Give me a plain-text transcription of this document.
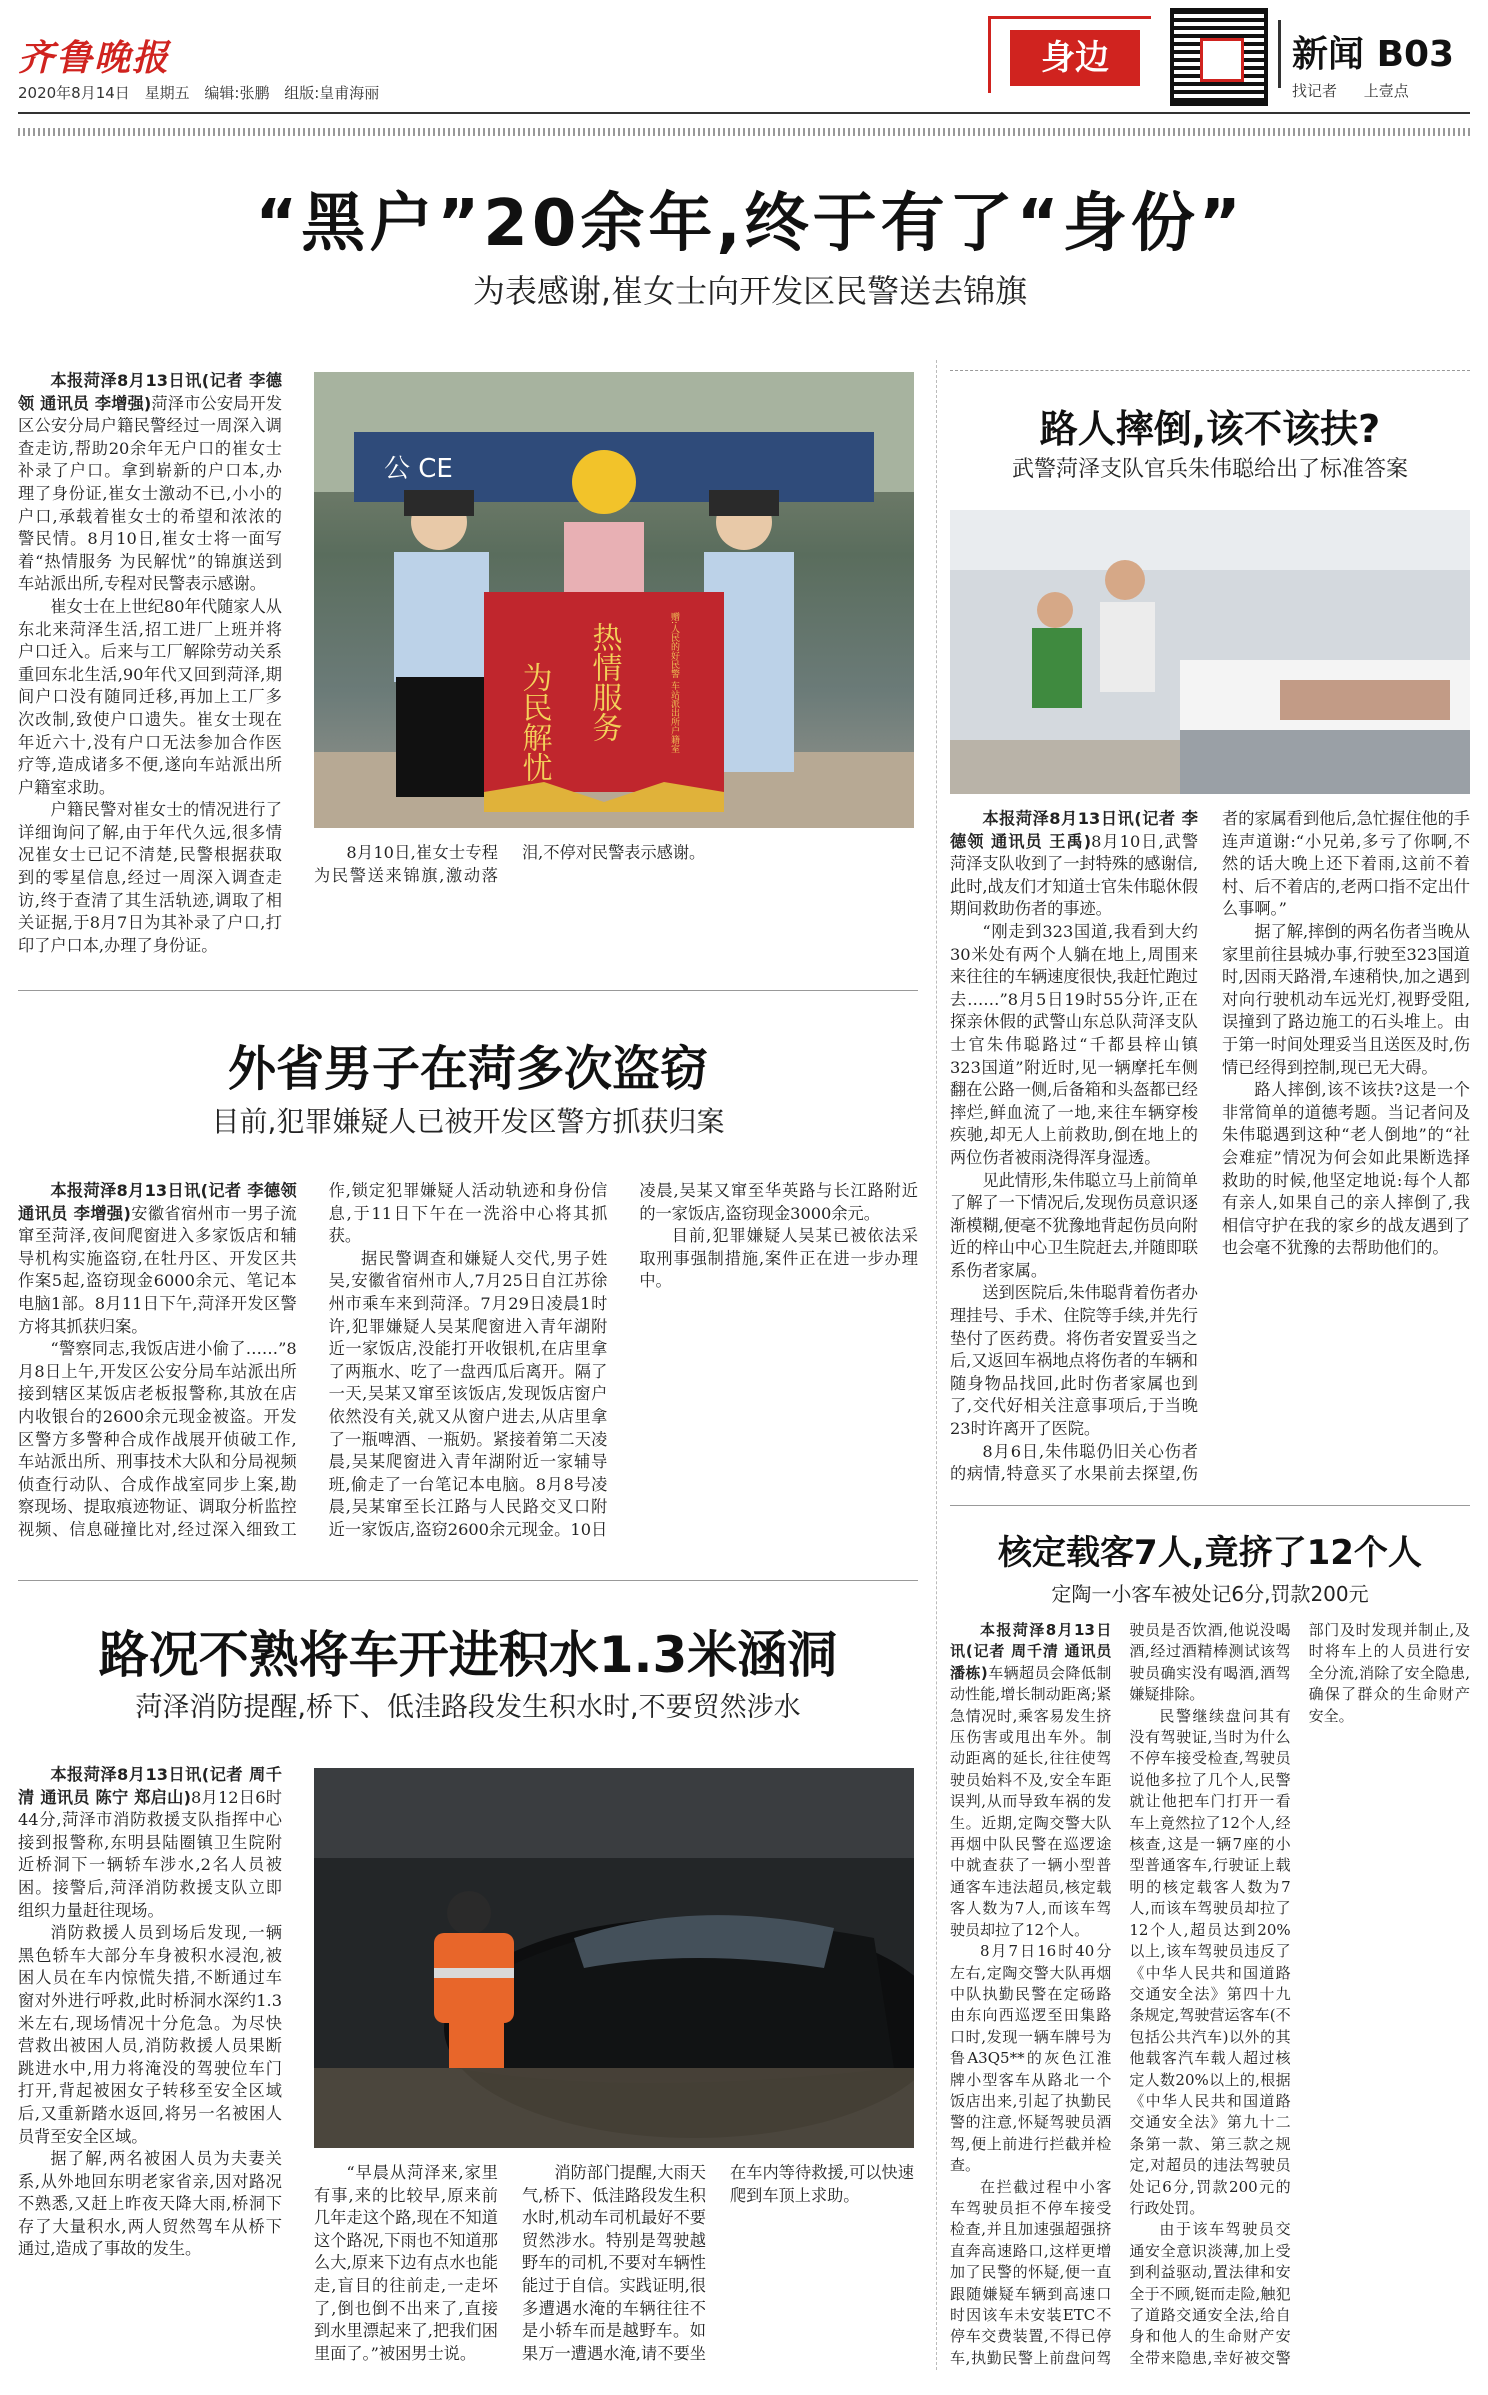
齐鲁晚报
2020年8月14日 星期五 编辑:张鹏 组版:皇甫海丽
身边	新闻 B03
找记者 上壹点
“黑户”20余年,终于有了“身份”
为表感谢,崔女士向开发区民警送去锦旗

本报菏泽8月13日讯(记者 李德领 通讯员 李增强)菏泽市公安局开发区公安分局户籍民警经过一周深入调查走访,帮助20余年无户口的崔女士补录了户口。拿到崭新的户口本,办理了身份证,崔女士激动不已,小小的户口,承载着崔女士的希望和浓浓的警民情。8月10日,崔女士将一面写着“热情服务 为民解忧”的锦旗送到车站派出所,专程对民警表示感谢。

崔女士在上世纪80年代随家人从东北来菏泽生活,招工进厂上班并将户口迁入。后来与工厂解除劳动关系重回东北生活,90年代又回到菏泽,期间户口没有随同迁移,再加上工厂多次改制,致使户口遗失。崔女士现在年近六十,没有户口无法参加合作医疗等,造成诸多不便,遂向车站派出所户籍室求助。

户籍民警对崔女士的情况进行了详细询问了解,由于年代久远,很多情况崔女士已记不清楚,民警根据获取到的零星信息,经过一周深入调查走访,终于查清了其生活轨迹,调取了相关证据,于8月7日为其补录了户口,打印了户口本,办理了身份证。

公 CE
为民解忧 热情服务	赠:人民的好民警 车站派出所户籍室

8月10日,崔女士专程为民警送来锦旗,激动落泪,不停对民警表示感谢。

外省男子在菏多次盗窃
目前,犯罪嫌疑人已被开发区警方抓获归案

本报菏泽8月13日讯(记者 李德领 通讯员 李增强)安徽省宿州市一男子流窜至菏泽,夜间爬窗进入多家饭店和辅导机构实施盗窃,在牡丹区、开发区共作案5起,盗窃现金6000余元、笔记本电脑1部。8月11日下午,菏泽开发区警方将其抓获归案。

“警察同志,我饭店进小偷了……”8月8日上午,开发区公安分局车站派出所接到辖区某饭店老板报警称,其放在店内收银台的2600余元现金被盗。开发区警方多警种合成作战展开侦破工作,车站派出所、刑事技术大队和分局视频侦查行动队、合成作战室同步上案,勘察现场、提取痕迹物证、调取分析监控视频、信息碰撞比对,经过深入细致工作,锁定犯罪嫌疑人活动轨迹和身份信息,于11日下午在一洗浴中心将其抓获。

据民警调查和嫌疑人交代,男子姓吴,安徽省宿州市人,7月25日自江苏徐州市乘车来到菏泽。7月29日凌晨1时许,犯罪嫌疑人吴某爬窗进入青年湖附近一家饭店,没能打开收银机,在店里拿了两瓶水、吃了一盘西瓜后离开。隔了一天,吴某又窜至该饭店,发现饭店窗户依然没有关,就又从窗户进去,从店里拿了一瓶啤酒、一瓶奶。紧接着第二天凌晨,吴某爬窗进入青年湖附近一家辅导班,偷走了一台笔记本电脑。8月8号凌晨,吴某窜至长江路与人民路交叉口附近一家饭店,盗窃2600余元现金。10日凌晨,吴某又窜至华英路与长江路附近的一家饭店,盗窃现金3000余元。

目前,犯罪嫌疑人吴某已被依法采取刑事强制措施,案件正在进一步办理中。

路况不熟将车开进积水1.3米涵洞
菏泽消防提醒,桥下、低洼路段发生积水时,不要贸然涉水

本报菏泽8月13日讯(记者 周千清 通讯员 陈宁 郑启山)8月12日6时44分,菏泽市消防救援支队指挥中心接到报警称,东明县陆圈镇卫生院附近桥洞下一辆轿车涉水,2名人员被困。接警后,菏泽消防救援支队立即组织力量赶往现场。

消防救援人员到场后发现,一辆黑色轿车大部分车身被积水浸泡,被困人员在车内惊慌失措,不断通过车窗对外进行呼救,此时桥洞水深约1.3米左右,现场情况十分危急。为尽快营救出被困人员,消防救援人员果断跳进水中,用力将淹没的驾驶位车门打开,背起被困女子转移至安全区域后,又重新踏水返回,将另一名被困人员背至安全区域。

据了解,两名被困人员为夫妻关系,从外地回东明老家省亲,因对路况不熟悉,又赶上昨夜天降大雨,桥洞下存了大量积水,两人贸然驾车从桥下通过,造成了事故的发生。

“早晨从菏泽来,家里有事,来的比较早,原来前几年走这个路,现在不知道这个路况,下雨也不知道那么大,原来下边有点水也能走,盲目的往前走,一走坏了,倒也倒不出来了,直接到水里漂起来了,把我们困里面了。”被困男士说。

消防部门提醒,大雨天气,桥下、低洼路段发生积水时,机动车司机最好不要贸然涉水。特别是驾驶越野车的司机,不要对车辆性能过于自信。实践证明,很多遭遇水淹的车辆往往不是小轿车而是越野车。如果万一遭遇水淹,请不要坐在车内等待救援,可以快速爬到车顶上求助。

路人摔倒,该不该扶?
武警菏泽支队官兵朱伟聪给出了标准答案

本报菏泽8月13日讯(记者 李德领 通讯员 王禹)8月10日,武警菏泽支队收到了一封特殊的感谢信,此时,战友们才知道士官朱伟聪休假期间救助伤者的事迹。

“刚走到323国道,我看到大约30米处有两个人躺在地上,周围来来往往的车辆速度很快,我赶忙跑过去……”8月5日19时55分许,正在探亲休假的武警山东总队菏泽支队士官朱伟聪路过“千都县梓山镇323国道”附近时,见一辆摩托车侧翻在公路一侧,后备箱和头盔都已经摔烂,鲜血流了一地,来往车辆穿梭疾驰,却无人上前救助,倒在地上的两位伤者被雨浇得浑身湿透。

见此情形,朱伟聪立马上前简单了解了一下情况后,发现伤员意识逐渐模糊,便毫不犹豫地背起伤员向附近的梓山中心卫生院赶去,并随即联系伤者家属。

送到医院后,朱伟聪背着伤者办理挂号、手术、住院等手续,并先行垫付了医药费。将伤者安置妥当之后,又返回车祸地点将伤者的车辆和随身物品找回,此时伤者家属也到了,交代好相关注意事项后,于当晚23时许离开了医院。

8月6日,朱伟聪仍旧关心伤者的病情,特意买了水果前去探望,伤者的家属看到他后,急忙握住他的手连声道谢:“小兄弟,多亏了你啊,不然的话大晚上还下着雨,这前不着村、后不着店的,老两口指不定出什么事啊。”

据了解,摔倒的两名伤者当晚从家里前往县城办事,行驶至323国道时,因雨天路滑,车速稍快,加之遇到对向行驶机动车远光灯,视野受阻,误撞到了路边施工的石头堆上。由于第一时间处理妥当且送医及时,伤情已经得到控制,现已无大碍。

路人摔倒,该不该扶?这是一个非常简单的道德考题。当记者问及朱伟聪遇到这种“老人倒地”的“社会难症”情况为何会如此果断选择救助的时候,他坚定地说:每个人都有亲人,如果自己的亲人摔倒了,我相信守护在我的家乡的战友遇到了也会毫不犹豫的去帮助他们的。

核定载客7人,竟挤了12个人
定陶一小客车被处记6分,罚款200元

本报菏泽8月13日讯(记者 周千清 通讯员 潘栋)车辆超员会降低制动性能,增长制动距离;紧急情况时,乘客易发生挤压伤害或甩出车外。制动距离的延长,往往使驾驶员始料不及,安全车距误判,从而导致车祸的发生。近期,定陶交警大队再烟中队民警在巡逻途中就查获了一辆小型普通客车违法超员,核定载客人数为7人,而该车驾驶员却拉了12个人。

8月7日16时40分左右,定陶交警大队再烟中队执勤民警在定砀路由东向西巡逻至田集路口时,发现一辆车牌号为鲁A3Q5**的灰色江淮牌小型客车从路北一个饭店出来,引起了执勤民警的注意,怀疑驾驶员酒驾,便上前进行拦截并检查。

在拦截过程中小客车驾驶员拒不停车接受检查,并且加速强超强挤直奔高速路口,这样更增加了民警的怀疑,便一直跟随嫌疑车辆到高速口时因该车未安装ETC不停车交费装置,不得已停车,执勤民警上前盘问驾驶员是否饮酒,他说没喝酒,经过酒精棒测试该驾驶员确实没有喝酒,酒驾嫌疑排除。

民警继续盘问其有没有驾驶证,当时为什么不停车接受检查,驾驶员说他多拉了几个人,民警就让他把车门打开一看车上竟然拉了12个人,经核查,这是一辆7座的小型普通客车,行驶证上载明的核定载客人数为7人,而该车驾驶员却拉了12个人,超员达到20%以上,该车驾驶员违反了《中华人民共和国道路交通安全法》第四十九条规定,驾驶营运客车(不包括公共汽车)以外的其他载客汽车载人超过核定人数20%以上的,根据《中华人民共和国道路交通安全法》第九十二条第一款、第三款之规定,对超员的违法驾驶员处记6分,罚款200元的行政处罚。

由于该车驾驶员交通安全意识淡薄,加上受到利益驱动,置法律和安全于不顾,铤而走险,触犯了道路交通安全法,给自身和他人的生命财产安全带来隐患,幸好被交警部门及时发现并制止,及时将车上的人员进行安全分流,消除了安全隐患,确保了群众的生命财产安全。
